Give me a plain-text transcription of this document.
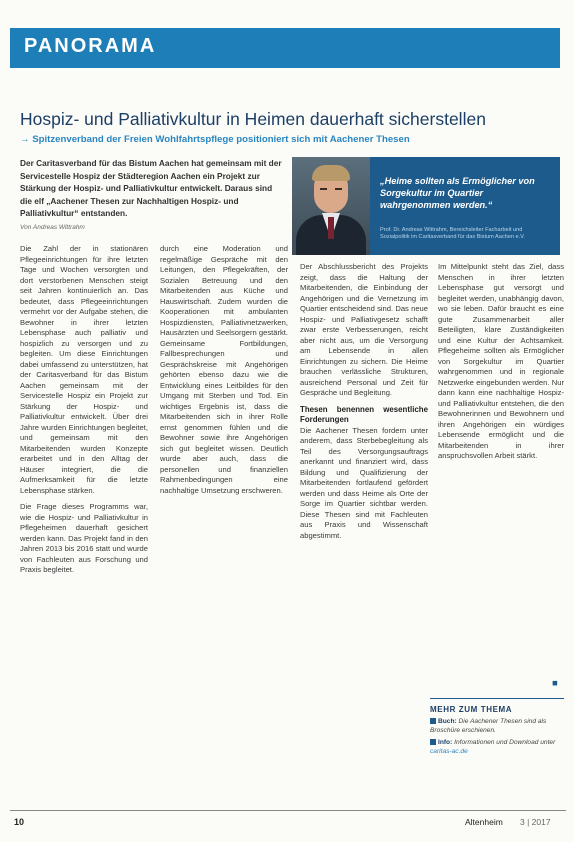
PANORAMA
Hospiz- und Palliativkultur in Heimen dauerhaft sicherstellen
→ Spitzenverband der Freien Wohlfahrtspflege positioniert sich mit Aachener Thesen
Der Caritasverband für das Bistum Aachen hat gemeinsam mit der Servicestelle Hospiz der Städteregion Aachen ein Projekt zur Stärkung der Hospiz- und Palliativkultur entwickelt. Daraus sind die elf „Aachener Thesen zur Nachhaltigen Hospiz- und Palliativkultur“ entstanden.
Von Andreas Wittrahm
„Heime sollten als Ermöglicher von Sorgekultur im Quartier wahrgenommen werden.“
Prof. Dr. Andreas Wittrahm, Bereichsleiter Facharbeit und Sozialpolitik im Caritasverband für das Bistum Aachen e.V.

Die Zahl der in stationären Pflegeeinrichtungen für ihre letzten Tage und Wochen versorgten und dort verstorbenen Menschen steigt seit Jahren kontinuierlich an. Das bedeutet, dass Pflegeeinrichtungen vermehrt vor der Aufgabe stehen, die Bewohner in ihrer letzten Lebensphase auch palliativ und hospizlich zu versorgen und zu begleiten. Um diese Einrichtungen dabei umfassend zu unterstützen, hat der Caritasverband für das Bistum Aachen gemeinsam mit der Servicestelle Hospiz ein Projekt zur Stärkung der Hospiz- und Palliativkultur entwickelt. Über drei Jahre wurden Einrichtungen begleitet, und gemeinsam mit den Mitarbeitenden wurden Konzepte erarbeitet und in den Alltag der Häuser integriert, die die Aufmerksamkeit für die letzte Lebensphase stärken.

Die Frage dieses Programms war, wie die Hospiz- und Palliativkultur in Pflegeheimen dauerhaft gesichert werden kann. Das Projekt fand in den Jahren 2013 bis 2016 statt und wurde von Fachleuten aus Forschung und Praxis begleitet.

durch eine Moderation und regelmäßige Gespräche mit den Leitungen, den Pflegekräften, der Sozialen Betreuung und den Mitarbeitenden aus Küche und Hauswirtschaft. Zudem wurden die Kooperationen mit ambulanten Hospizdiensten, Palliativnetzwerken, Hausärzten und Seelsorgern gestärkt. Gemeinsame Fortbildungen, Fallbesprechungen und Gesprächskreise mit Angehörigen gehörten ebenso dazu wie die Entwicklung eines Leitbildes für den Umgang mit Sterben und Tod. Ein wichtiges Ergebnis ist, dass die Mitarbeitenden sich in ihrer Rolle ernst genommen fühlen und die Bewohner sowie ihre Angehörigen sich gut begleitet wissen. Deutlich wurde aber auch, dass die personellen und finanziellen Rahmenbedingungen eine nachhaltige Umsetzung erschweren.

Der Abschlussbericht des Projekts zeigt, dass die Haltung der Mitarbeitenden, die Einbindung der Angehörigen und die Vernetzung im Quartier entscheidend sind. Das neue Hospiz- und Palliativgesetz schafft zwar erste Verbesserungen, reicht aber nicht aus, um die Versorgung am Lebensende in allen Einrichtungen zu sichern. Die Heime brauchen verlässliche Strukturen, ausreichend Personal und Zeit für Gespräche und Begleitung.

Thesen benennen wesentliche Forderungen

Die Aachener Thesen fordern unter anderem, dass Sterbebegleitung als Teil des Versorgungsauftrags anerkannt und finanziert wird, dass Bildung und Qualifizierung der Mitarbeitenden fortlaufend gefördert werden und dass Heime als Orte der Sorge im Quartier sichtbar werden. Diese Thesen sind mit Fachleuten aus Praxis und Wissenschaft abgestimmt.

Im Mittelpunkt steht das Ziel, dass Menschen in ihrer letzten Lebensphase gut versorgt und begleitet werden, unabhängig davon, wo sie leben. Dafür braucht es eine gute Zusammenarbeit aller Beteiligten, klare Zuständigkeiten und eine Kultur der Achtsamkeit. Pflegeheime sollten als Ermöglicher von Sorgekultur im Quartier wahrgenommen und in regionale Netzwerke eingebunden werden. Nur dann kann eine nachhaltige Hospiz- und Palliativkultur entstehen, die den Bewohnerinnen und Bewohnern und ihren Angehörigen ein würdiges Lebensende ermöglicht und die Mitarbeitenden in ihrer anspruchsvollen Arbeit stärkt.

◼
MEHR ZUM THEMA
Buch: Die Aachener Thesen sind als Broschüre erschienen.
Info: Informationen und Download unter caritas-ac.de
10	Altenheim 3 | 2017
